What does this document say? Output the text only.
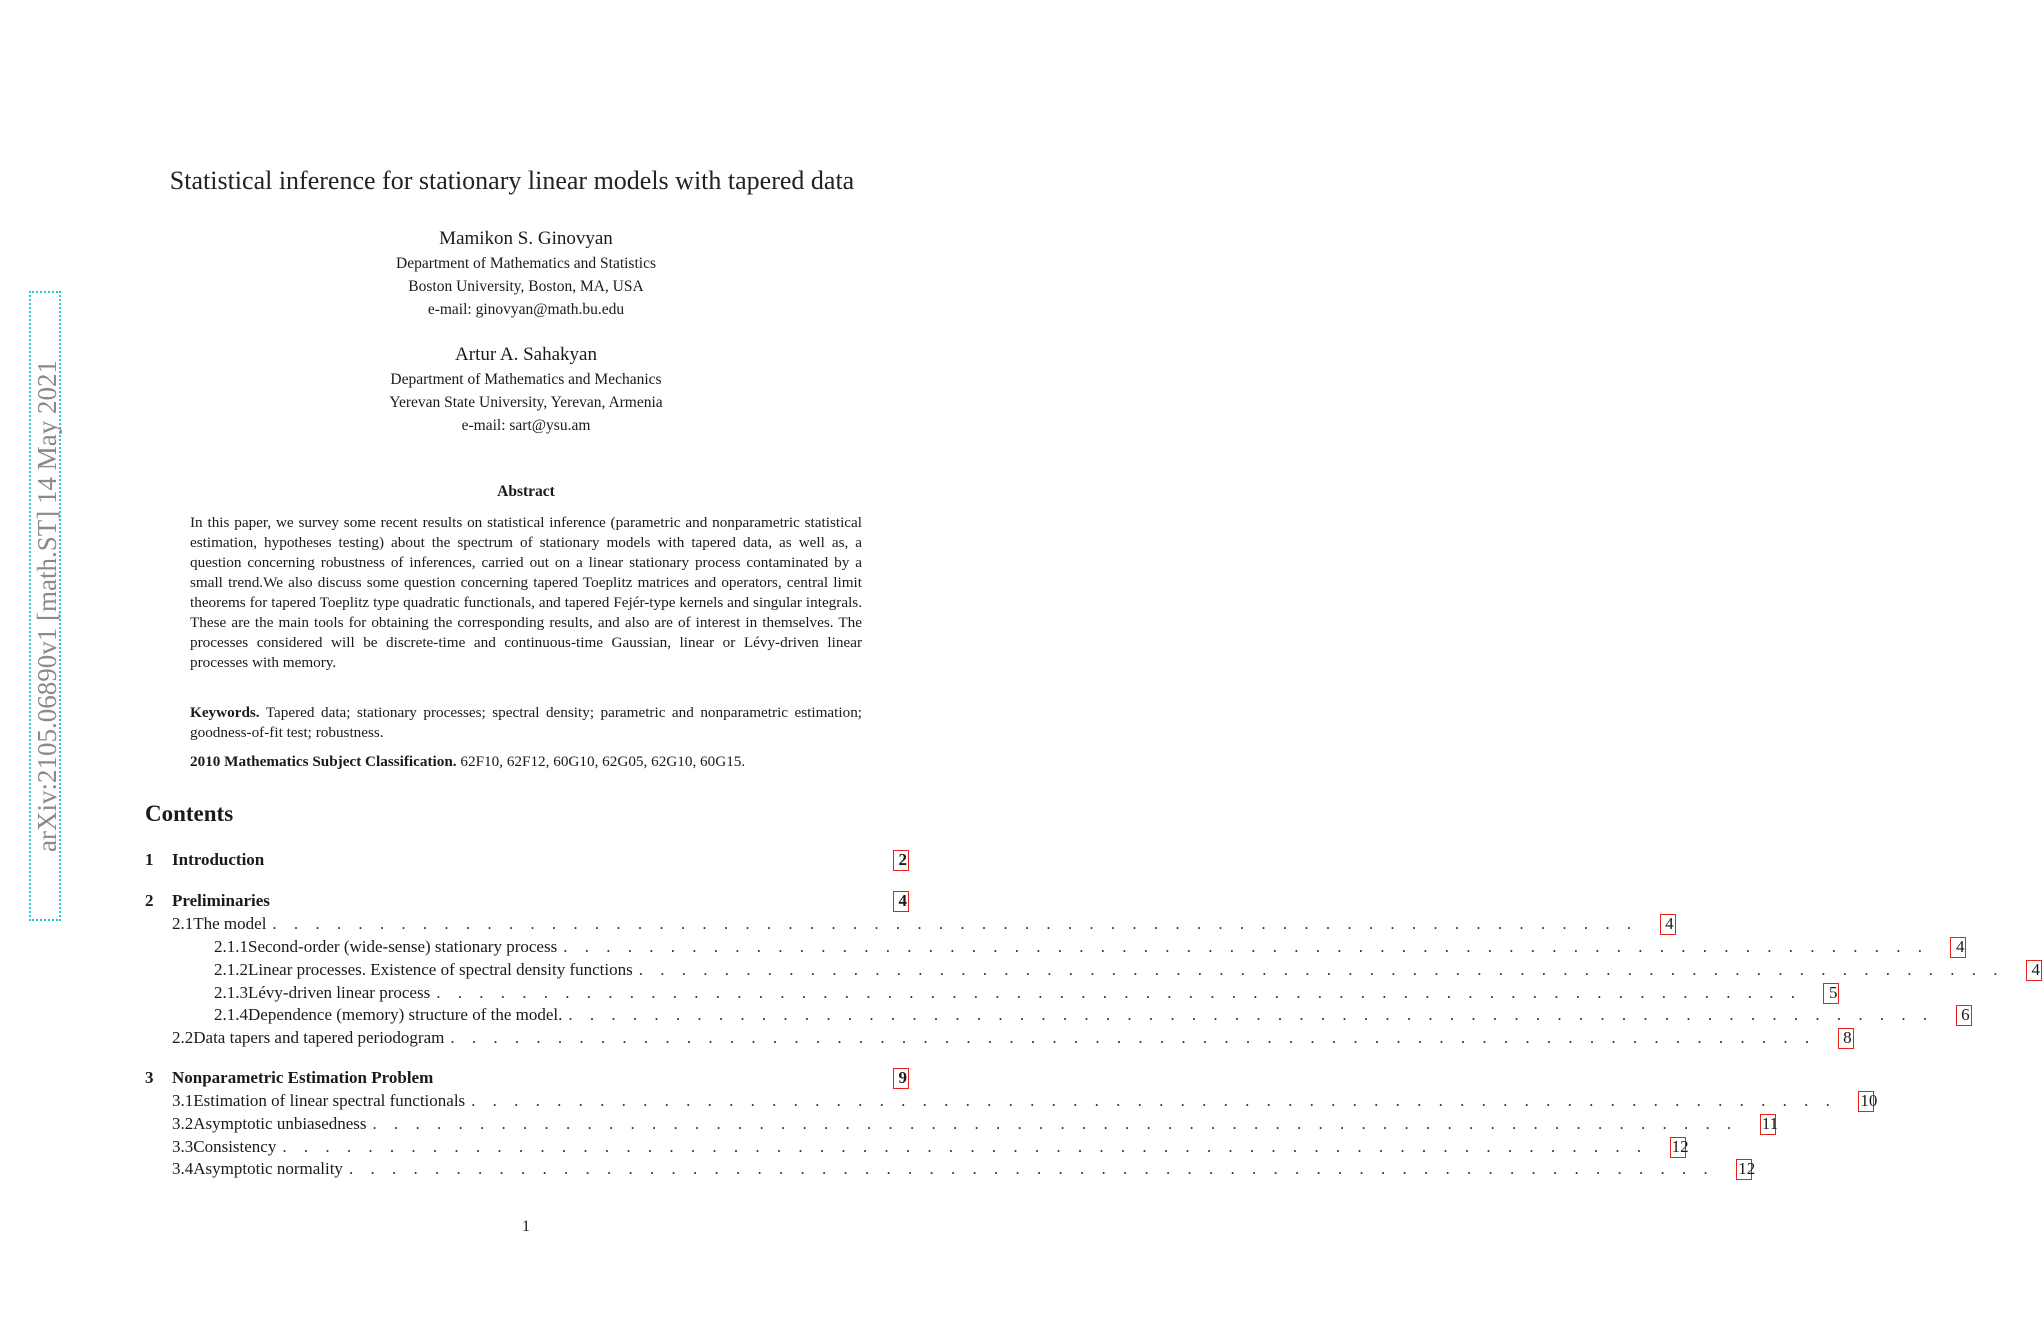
arXiv:2105.06890v1 [math.ST] 14 May 2021
Statistical inference for stationary linear models with tapered data
Mamikon S. Ginovyan
Department of Mathematics and Statistics
Boston University, Boston, MA, USA
e-mail: ginovyan@math.bu.edu
Artur A. Sahakyan
Department of Mathematics and Mechanics
Yerevan State University, Yerevan, Armenia
e-mail: sart@ysu.am
Abstract
In this paper, we survey some recent results on statistical inference (parametric and nonparametric statistical estimation, hypotheses testing) about the spectrum of stationary models with tapered data, as well as, a question concerning robustness of inferences, carried out on a linear stationary process contaminated by a small trend.We also discuss some question concerning tapered Toeplitz matrices and operators, central limit theorems for tapered Toeplitz type quadratic functionals, and tapered Fejér-type kernels and singular integrals. These are the main tools for obtaining the corresponding results, and also are of interest in themselves. The processes considered will be discrete-time and continuous-time Gaussian, linear or Lévy-driven linear processes with memory.
Keywords. Tapered data; stationary processes; spectral density; parametric and nonparametric estimation; goodness-of-fit test; robustness.
2010 Mathematics Subject Classification. 62F10, 62F12, 60G10, 62G05, 62G10, 60G15.
Contents
1	Introduction	2
2	Preliminaries	4
2.1 The model . . . . . . . . . . . . . . . . . . . . . . . . . . . . . . . . . . . . . . . . . . . . . . . . . . . . . . . . . . . . . . . .	4
2.1.1 Second-order (wide-sense) stationary process . . . . . . . . . . . . . . . . . . . . . . . . . . . . . . . . . . . . . . . . . . . . . . . . . . . . . . . . . . . . . . . .	4
2.1.2 Linear processes. Existence of spectral density functions . . . . . . . . . . . . . . . . . . . . . . . . . . . . . . . . . . . . . . . . . . . . . . . . . . . . . . . . . . . . . . . .	4
2.1.3 Lévy-driven linear process . . . . . . . . . . . . . . . . . . . . . . . . . . . . . . . . . . . . . . . . . . . . . . . . . . . . . . . . . . . . . . . .	5
2.1.4 Dependence (memory) structure of the model. . . . . . . . . . . . . . . . . . . . . . . . . . . . . . . . . . . . . . . . . . . . . . . . . . . . . . . . . . . . . . . . .	6
2.2 Data tapers and tapered periodogram . . . . . . . . . . . . . . . . . . . . . . . . . . . . . . . . . . . . . . . . . . . . . . . . . . . . . . . . . . . . . . . .	8
3	Nonparametric Estimation Problem	9
3.1 Estimation of linear spectral functionals . . . . . . . . . . . . . . . . . . . . . . . . . . . . . . . . . . . . . . . . . . . . . . . . . . . . . . . . . . . . . . . . 10
3.2 Asymptotic unbiasedness . . . . . . . . . . . . . . . . . . . . . . . . . . . . . . . . . . . . . . . . . . . . . . . . . . . . . . . . . . . . . . . . 11
3.3 Consistency . . . . . . . . . . . . . . . . . . . . . . . . . . . . . . . . . . . . . . . . . . . . . . . . . . . . . . . . . . . . . . . . 12
3.4 Asymptotic normality . . . . . . . . . . . . . . . . . . . . . . . . . . . . . . . . . . . . . . . . . . . . . . . . . . . . . . . . . . . . . . . . 12
1
